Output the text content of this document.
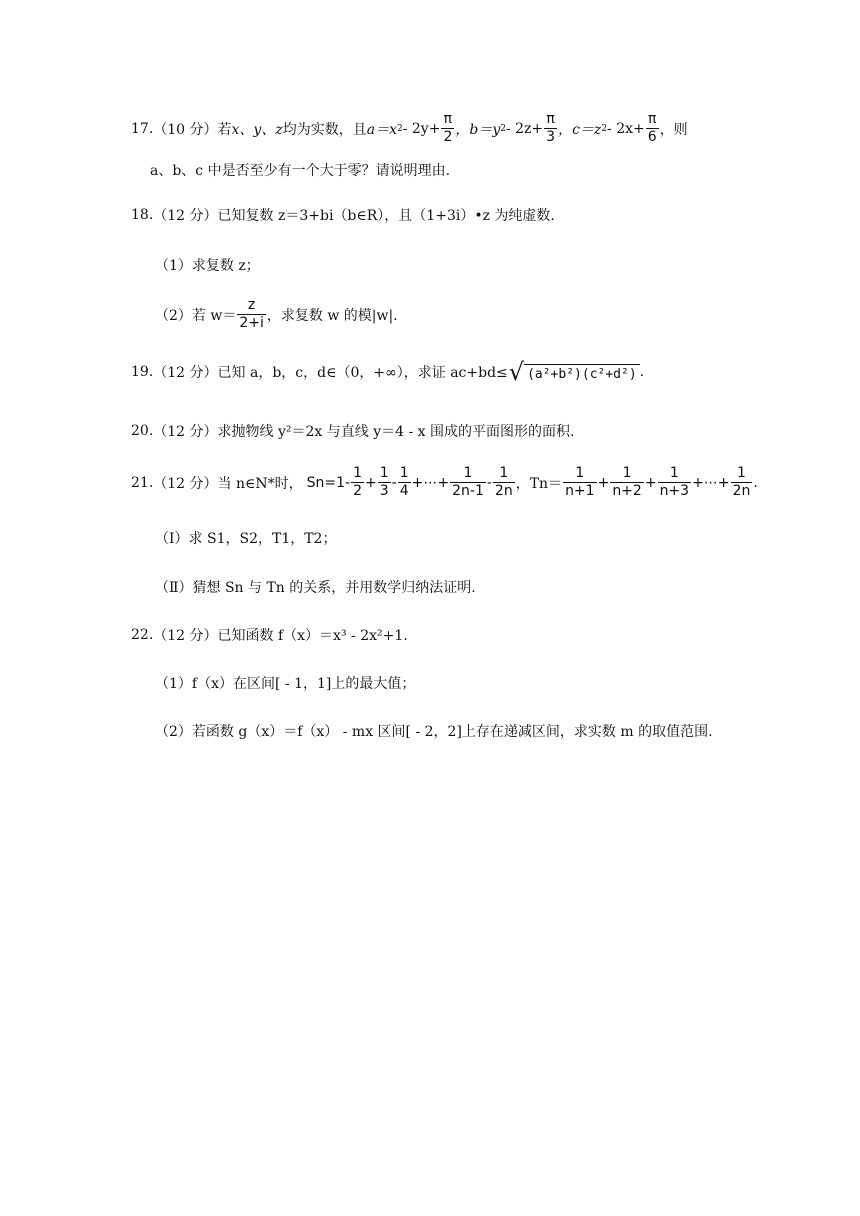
17. （10 分） 若 x、y、z 均为实数，且 a＝x $2 - 2y+ \frac{\pi}{2}$ ，b＝y $2 - 2z+ \frac{\pi}{3}$ ，c＝z $2 - 2x+ \frac{\pi}{6}$ ，则
a、b、c 中是否至少有一个大于零？请说明理由.
18. （12 分） 已知复数 z＝3+bi（b∈R），且（1+3i）•z 为纯虚数.
（1）求复数 z；
（2）若 $w= \frac{z}{2+i}$ ，求复数 w 的模|w|.
19. （12 分） 已知 a，b，c，d∈（0，+∞），求证 ac+bd≤ √ (a²+b²)(c²+d²) .
20. （12 分） 求抛物线 y²＝2x 与直线 y＝4 - x 围成的平面图形的面积.
21. （12 分） 当 n∈N*时， $Sn=1- \frac{1}{2} + \frac{1}{3} - \frac{1}{4}$ +⋯+ $\frac{1}{2n-1} - \frac{1}{2n}$ ，$Tn= \frac{1}{n+1} + \frac{1}{n+2} + \frac{1}{n+3}$ +⋯+ $\frac{1}{2n}$ .
（Ⅰ）求 S1，S2，T1，T2；
（Ⅱ）猜想 Sn 与 Tn 的关系，并用数学归纳法证明.
22. （12 分） 已知函数 f（x）＝x³ - 2x²+1.
（1）f（x）在区间[ - 1，1]上的最大值；
（2）若函数 g（x）＝f（x） - mx 区间[ - 2，2]上存在递减区间，求实数 m 的取值范围.
